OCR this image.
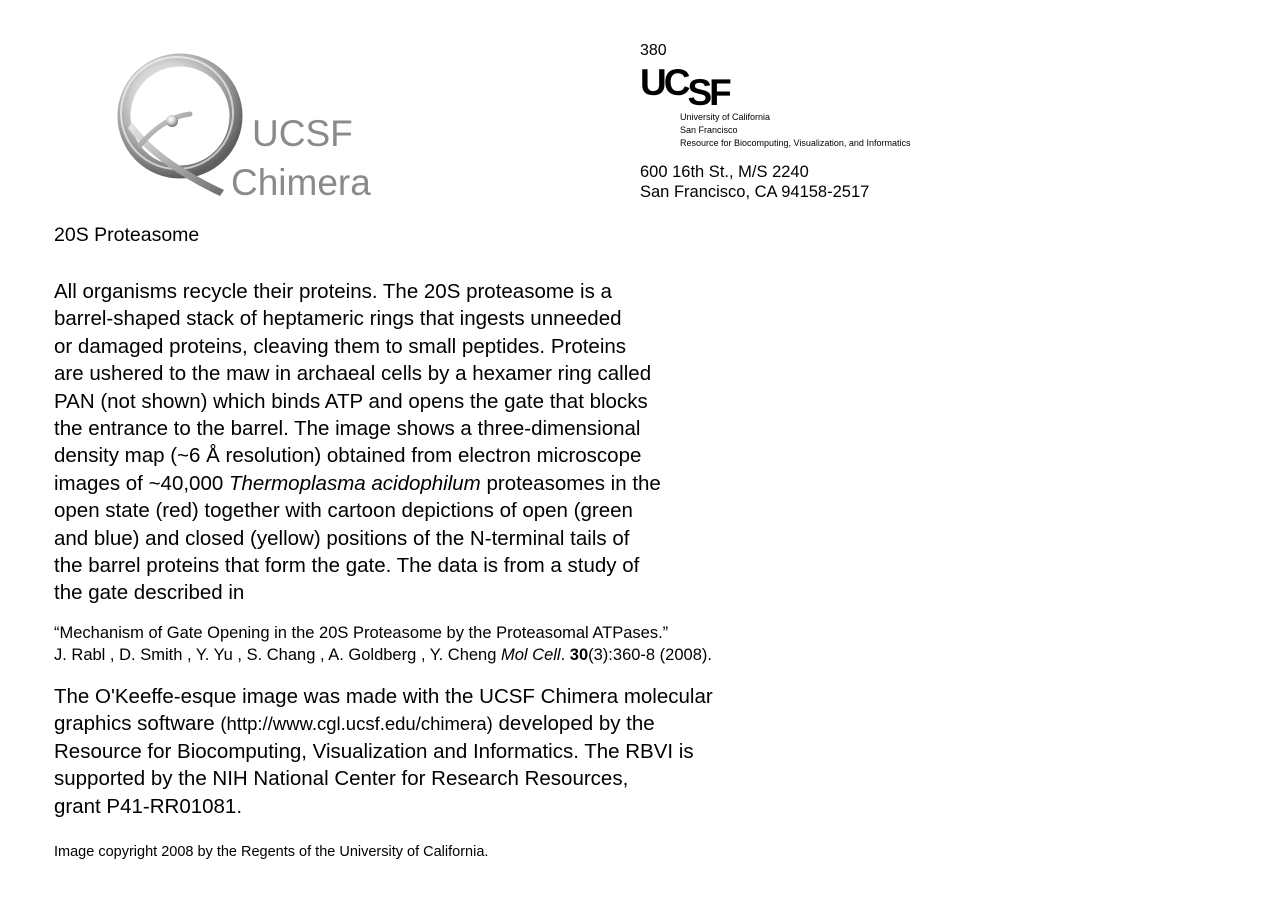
UCSF
Chimera
380
UCSF
University of California
San Francisco
Resource for Biocomputing, Visualization, and Informatics
600 16th St., M/S 2240
San Francisco, CA 94158-2517
20S Proteasome
All organisms recycle their proteins. The 20S proteasome is a
barrel-shaped stack of heptameric rings that ingests unneeded
or damaged proteins, cleaving them to small peptides. Proteins
are ushered to the maw in archaeal cells by a hexamer ring called
PAN (not shown) which binds ATP and opens the gate that blocks
the entrance to the barrel. The image shows a three-dimensional
density map (~6 Å resolution) obtained from electron microscope
images of ~40,000 Thermoplasma acidophilum proteasomes in the
open state (red) together with cartoon depictions of open (green
and blue) and closed (yellow) positions of the N-terminal tails of
the barrel proteins that form the gate. The data is from a study of
the gate described in
“Mechanism of Gate Opening in the 20S Proteasome by the Proteasomal ATPases.”
J. Rabl , D. Smith , Y. Yu , S. Chang , A. Goldberg , Y. Cheng Mol Cell. 30(3):360-8 (2008).
The O'Keeffe-esque image was made with the UCSF Chimera molecular
graphics software (http://www.cgl.ucsf.edu/chimera) developed by the
Resource for Biocomputing, Visualization and Informatics. The RBVI is
supported by the NIH National Center for Research Resources,
grant P41-RR01081.
Image copyright 2008 by the Regents of the University of California.
